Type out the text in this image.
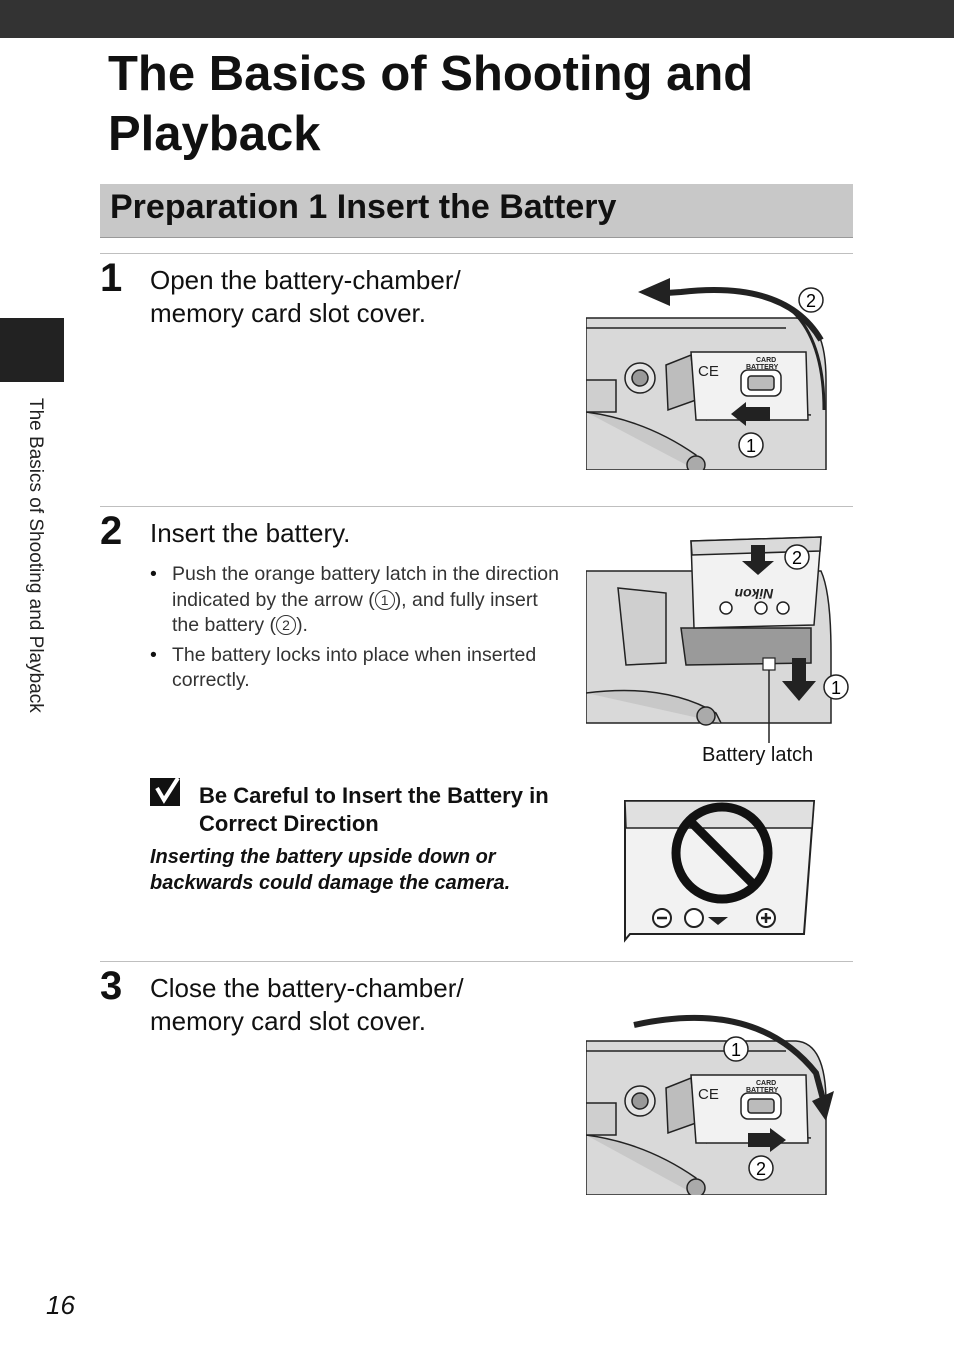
The Basics of Shooting and Playback
The Basics of Shooting and Playback
Preparation 1 Insert the Battery
1 Open the battery-chamber/ memory card slot cover.

CE
CARD
BATTERY
2
1
2 Insert the battery.

• Push the orange battery latch in the direction indicated by the arrow ( 1 ), and fully insert the battery ( 2 ).
• The battery locks into place when inserted correctly.
Nikon
2
1
Battery latch

Be Careful to Insert the Battery in Correct Direction

Inserting the battery upside down or backwards could damage the camera.

3 Close the battery-chamber/ memory card slot cover.

CE
CARD
BATTERY
1
2
16
